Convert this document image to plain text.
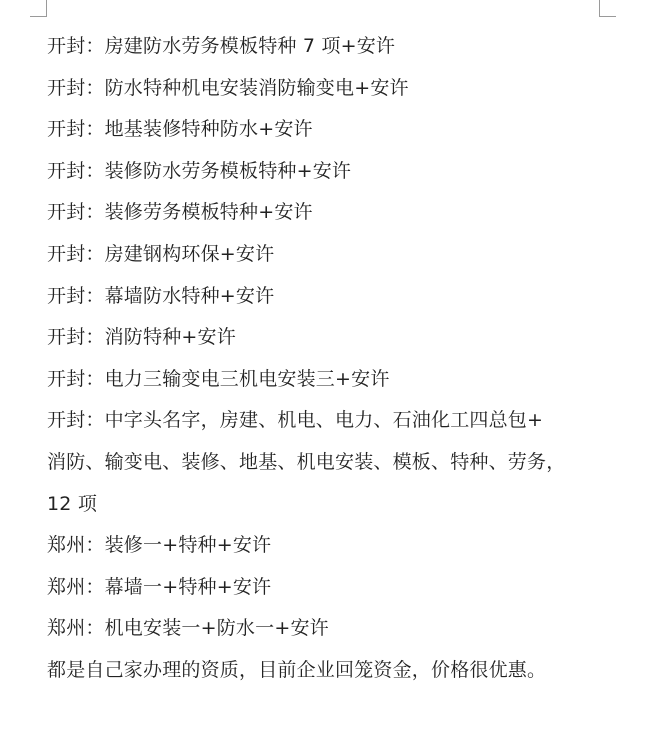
开封：房建防水劳务模板特种 7 项+安许
开封：防水特种机电安装消防输变电+安许
开封：地基装修特种防水+安许
开封：装修防水劳务模板特种+安许
开封：装修劳务模板特种+安许
开封：房建钢构环保+安许
开封：幕墙防水特种+安许
开封：消防特种+安许
开封：电力三输变电三机电安装三+安许
开封：中字头名字，房建、机电、电力、石油化工四总包+
消防、输变电、装修、地基、机电安装、模板、特种、劳务，
12 项
郑州：装修一+特种+安许
郑州：幕墙一+特种+安许
郑州：机电安装一+防水一+安许
都是自己家办理的资质，目前企业回笼资金，价格很优惠。
